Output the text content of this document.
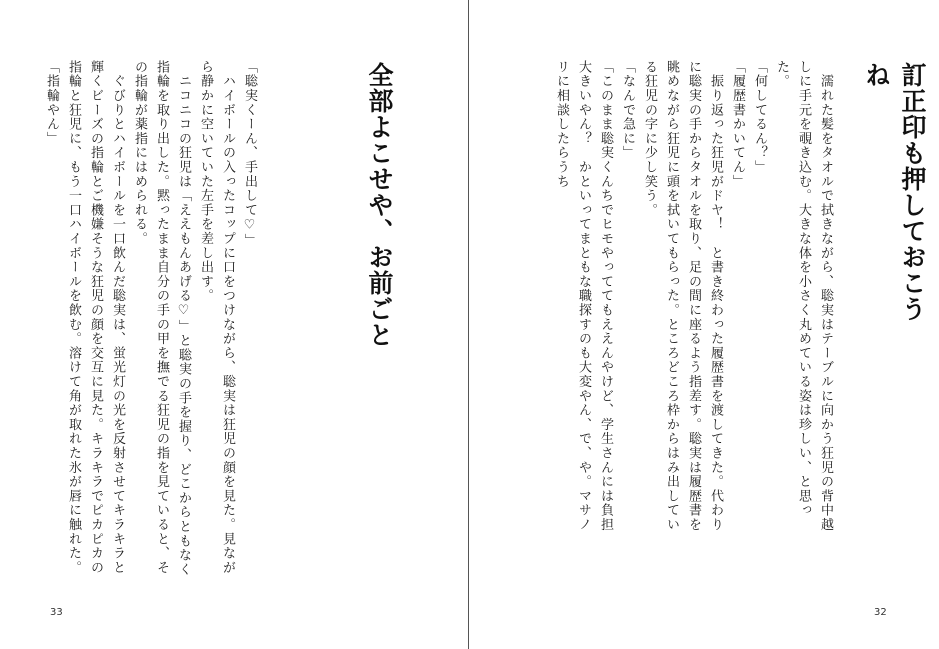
全部よこせや、お前ごと
「聡実くーん、手出して♡」
　ハイボールの入ったコップに口をつけながら、聡実は狂児の顔を見た。見ながら静かに空いていた左手を差し出す。
　ニコニコの狂児は「ええもんあげる♡」と聡実の手を握り、どこからともなく指輪を取り出した。黙ったまま自分の手の甲を撫でる狂児の指を見ていると、その指輪が薬指にはめられる。
　ぐびりとハイボールを一口飲んだ聡実は、蛍光灯の光を反射させてキラキラと輝くビーズの指輪とご機嫌そうな狂児の顔を交互に見た。キラキラでピカピカの指輪と狂児に、もう一口ハイボールを飲む。溶けて角が取れた氷が唇に触れた。
「指輪やん」
33
訂正印も押しておこうね
　濡れた髪をタオルで拭きながら、聡実はテーブルに向かう狂児の背中越しに手元を覗き込む。大きな体を小さく丸めている姿は珍しい、と思った。
「何してるん？」
「履歴書かいてん」
　振り返った狂児がドヤ！　と書き終わった履歴書を渡してきた。代わりに聡実の手からタオルを取り、足の間に座るよう指差す。聡実は履歴書を眺めながら狂児に頭を拭いてもらった。ところどころ枠からはみ出している狂児の字に少し笑う。
「なんで急に」
「このまま聡実くんちでヒモやっててもええんやけど、学生さんには負担大きいやん？　かといってまともな職探すのも大変やん、で、や。マサノリに相談したらうち
32
